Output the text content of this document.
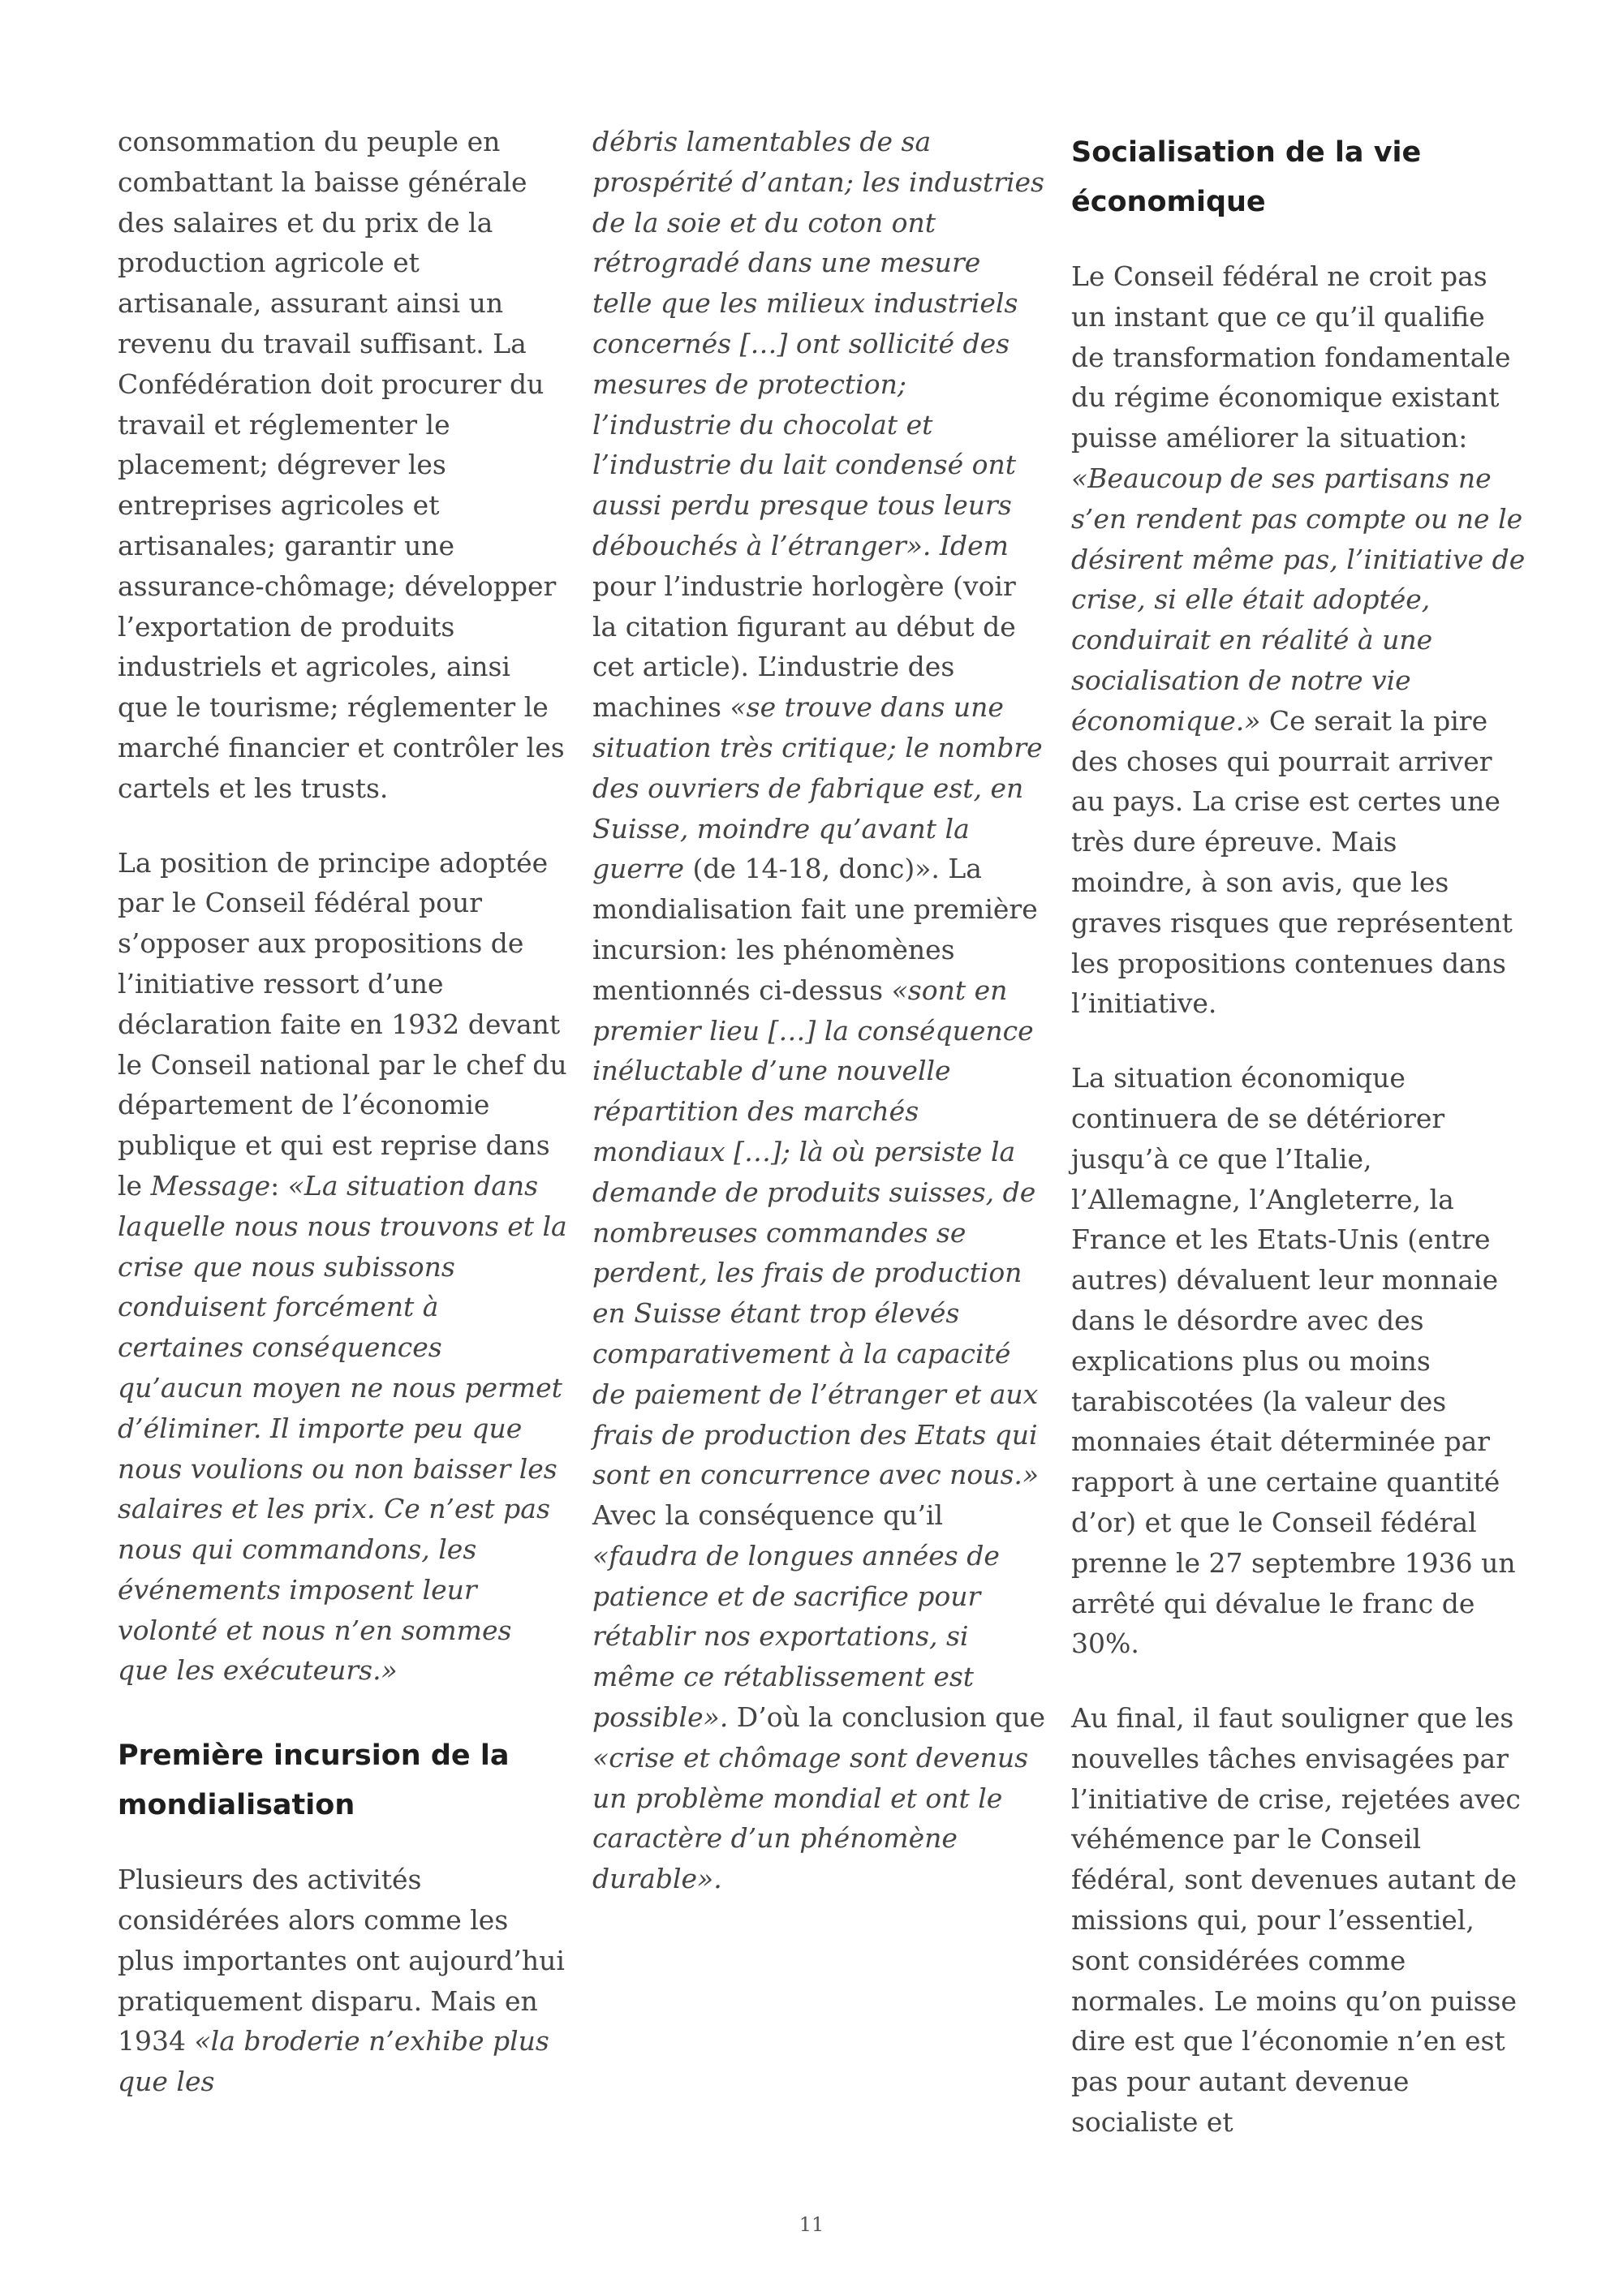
consommation du peuple en combattant la baisse générale des salaires et du prix de la production agricole et artisanale, assurant ainsi un revenu du travail suffisant. La Confédération doit procurer du travail et réglementer le placement; dégrever les entreprises agricoles et artisanales; garantir une assurance-chômage; développer l’exportation de produits industriels et agricoles, ainsi que le tourisme; réglementer le marché financier et contrôler les cartels et les trusts.

La position de principe adoptée par le Conseil fédéral pour s’opposer aux propositions de l’initiative ressort d’une déclaration faite en 1932 devant le Conseil national par le chef du département de l’économie publique et qui est reprise dans le Message: «La situation dans laquelle nous nous trouvons et la crise que nous subissons conduisent forcément à certaines conséquences qu’aucun moyen ne nous permet d’éliminer. Il importe peu que nous voulions ou non baisser les salaires et les prix. Ce n’est pas nous qui commandons, les événements imposent leur volonté et nous n’en sommes que les exécuteurs.»

Première incursion de la mondialisation

Plusieurs des activités considérées alors comme les plus importantes ont aujourd’hui pratiquement disparu. Mais en 1934 «la broderie n’exhibe plus que les

débris lamentables de sa prospérité d’antan; les industries de la soie et du coton ont rétrogradé dans une mesure telle que les milieux industriels concernés […] ont sollicité des mesures de protection; l’industrie du chocolat et l’industrie du lait condensé ont aussi perdu presque tous leurs débouchés à l’étranger». Idem pour l’industrie horlogère (voir la citation figurant au début de cet article). L’industrie des machines «se trouve dans une situation très critique; le nombre des ouvriers de fabrique est, en Suisse, moindre qu’avant la guerre (de 14-18, donc)». La mondialisation fait une première incursion: les phénomènes mentionnés ci-dessus «sont en premier lieu […] la conséquence inéluctable d’une nouvelle répartition des marchés mondiaux […]; là où persiste la demande de produits suisses, de nombreuses commandes se perdent, les frais de production en Suisse étant trop élevés comparativement à la capacité de paiement de l’étranger et aux frais de production des Etats qui sont en concurrence avec nous.» Avec la conséquence qu’il «faudra de longues années de patience et de sacrifice pour rétablir nos exportations, si même ce rétablissement est possible». D’où la conclusion que «crise et chômage sont devenus un problème mondial et ont le caractère d’un phénomène durable».

Socialisation de la vie économique

Le Conseil fédéral ne croit pas un instant que ce qu’il qualifie de transformation fondamentale du régime économique existant puisse améliorer la situation: «Beaucoup de ses partisans ne s’en rendent pas compte ou ne le désirent même pas, l’initiative de crise, si elle était adoptée, conduirait en réalité à une socialisation de notre vie économique.» Ce serait la pire des choses qui pourrait arriver au pays. La crise est certes une très dure épreuve. Mais moindre, à son avis, que les graves risques que représentent les propositions contenues dans l’initiative.

La situation économique continuera de se détériorer jusqu’à ce que l’Italie, l’Allemagne, l’Angleterre, la France et les Etats-Unis (entre autres) dévaluent leur monnaie dans le désordre avec des explications plus ou moins tarabiscotées (la valeur des monnaies était déterminée par rapport à une certaine quantité d’or) et que le Conseil fédéral prenne le 27 septembre 1936 un arrêté qui dévalue le franc de 30%.

Au final, il faut souligner que les nouvelles tâches envisagées par l’initiative de crise, rejetées avec véhémence par le Conseil fédéral, sont devenues autant de missions qui, pour l’essentiel, sont considérées comme normales. Le moins qu’on puisse dire est que l’économie n’en est pas pour autant devenue socialiste et

11
